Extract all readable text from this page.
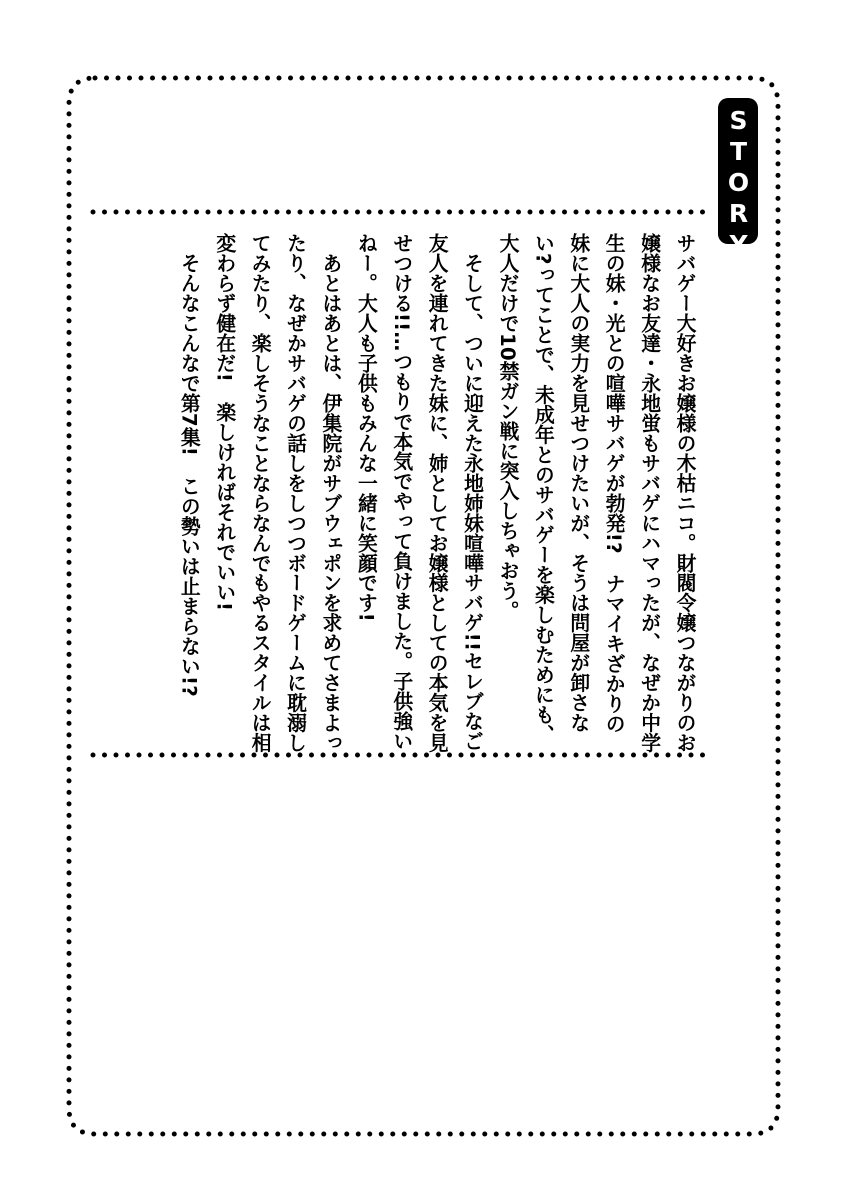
STORY

サバゲー大好きお嬢様の木枯ニコ。財閥令嬢つながりのお嬢様なお友達・永地蛍もサバゲにハマったが、なぜか中学生の妹・光との喧嘩サバゲが勃発!?　ナマイキざかりの妹に大人の実力を見せつけたいが、そうは問屋が卸さない?ってことで、未成年とのサバゲーを楽しむためにも、大人だけで10禁ガン戦に突入しちゃおう。

　そして、ついに迎えた永地姉妹喧嘩サバゲ!!セレブなご友人を連れてきた妹に、姉としてお嬢様としての本気を見せつける!!…つもりで本気でやって負けました。子供強いねー。大人も子供もみんな一緒に笑顔です!

　あとはあとは、伊集院がサブウェポンを求めてさまよったり、なぜかサバゲの話しをしつつボードゲームに耽溺してみたり、楽しそうなことならなんでもやるスタイルは相変わらず健在だ!　楽しければそれでいい!

　そんなこんなで第7集!　この勢いは止まらない!?
